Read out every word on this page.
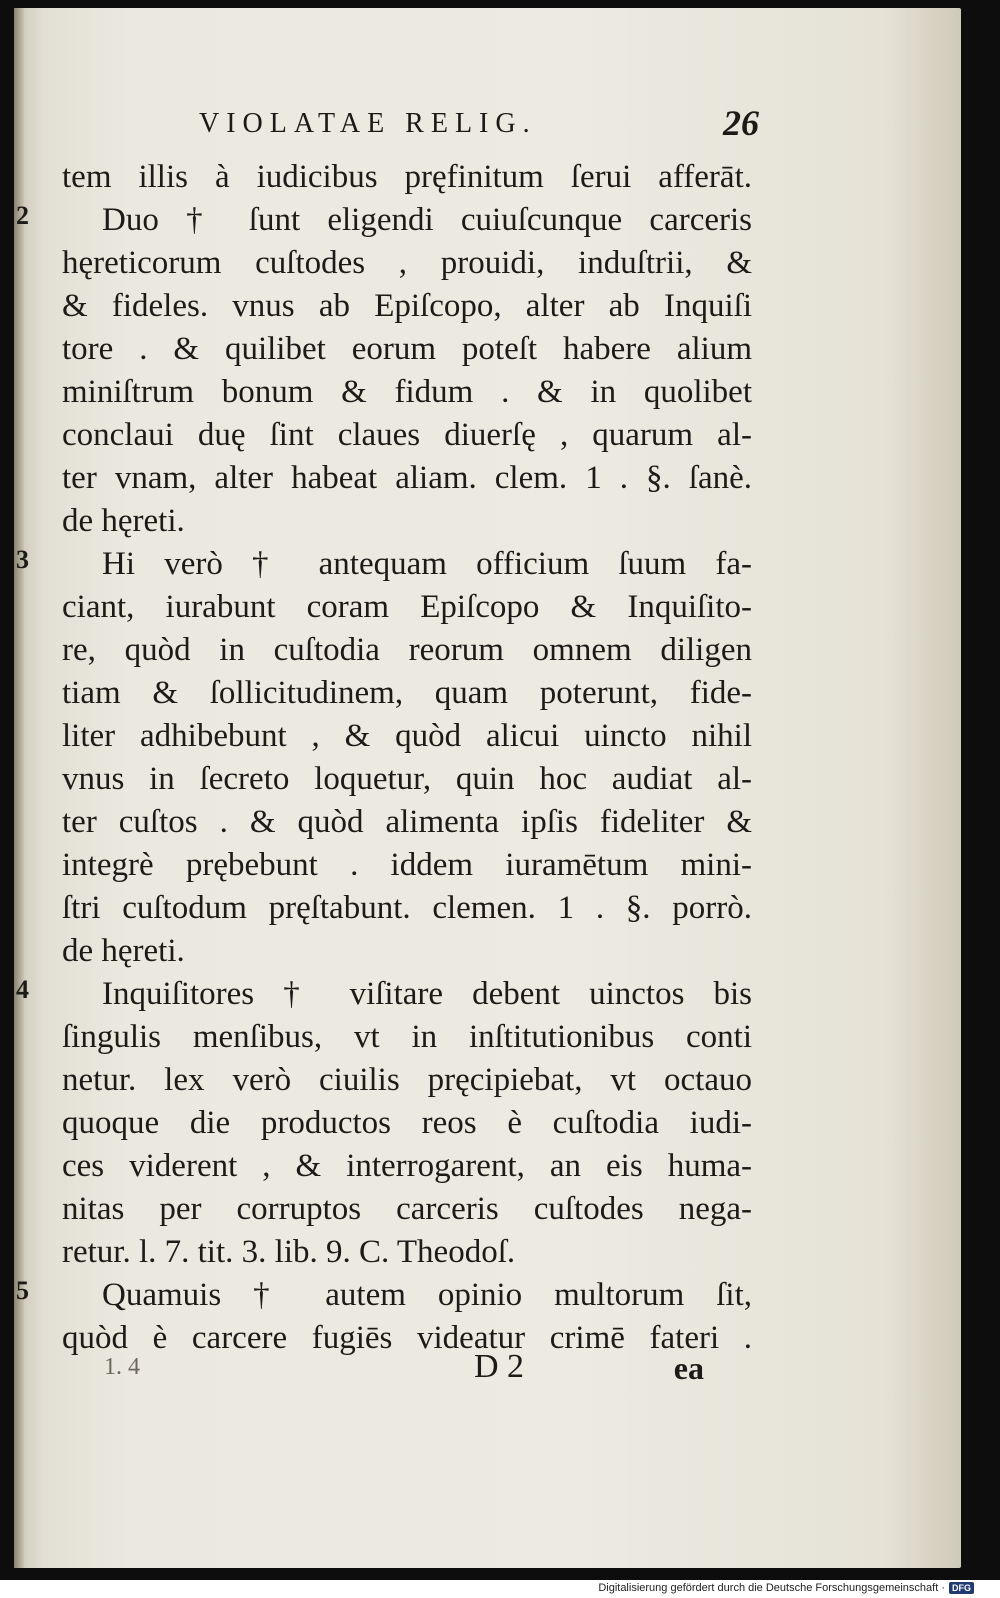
VIOLATAE RELIG.	26
2
3
4
5
tem illis à iudicibus pręfinitum ſerui afferāt.
Duo † ſunt eligendi cuiuſcunque carceris
hęreticorum cuſtodes , prouidi, induſtrii, &
& fideles. vnus ab Epiſcopo, alter ab Inquiſi
tore . & quilibet eorum poteſt habere alium
miniſtrum bonum & fidum . & in quolibet
conclaui duę ſint claues diuerſę , quarum al-
ter vnam, alter habeat aliam. clem. 1 . §. ſanè.
de hęreti.
Hi verò † antequam officium ſuum fa-
ciant, iurabunt coram Epiſcopo & Inquiſito-
re, quòd in cuſtodia reorum omnem diligen
tiam & ſollicitudinem, quam poterunt, fide-
liter adhibebunt , & quòd alicui uincto nihil
vnus in ſecreto loquetur, quin hoc audiat al-
ter cuſtos . & quòd alimenta ipſis fideliter &
integrè prębebunt . iddem iuramētum mini-
ſtri cuſtodum pręſtabunt. clemen. 1 . §. porrò.
de hęreti.
Inquiſitores † viſitare debent uinctos bis
ſingulis menſibus, vt in inſtitutionibus conti
netur. lex verò ciuilis pręcipiebat, vt octauo
quoque die productos reos è cuſtodia iudi-
ces viderent , & interrogarent, an eis huma-
nitas per corruptos carceris cuſtodes nega-
retur. l. 7. tit. 3. lib. 9. C. Theodoſ.
Quamuis † autem opinio multorum ſit,
quòd è carcere fugiēs videatur crimē fateri .
1. 4	D 2	ea
Digitalisierung gefördert durch die Deutsche Forschungsgemeinschaft · DFG
